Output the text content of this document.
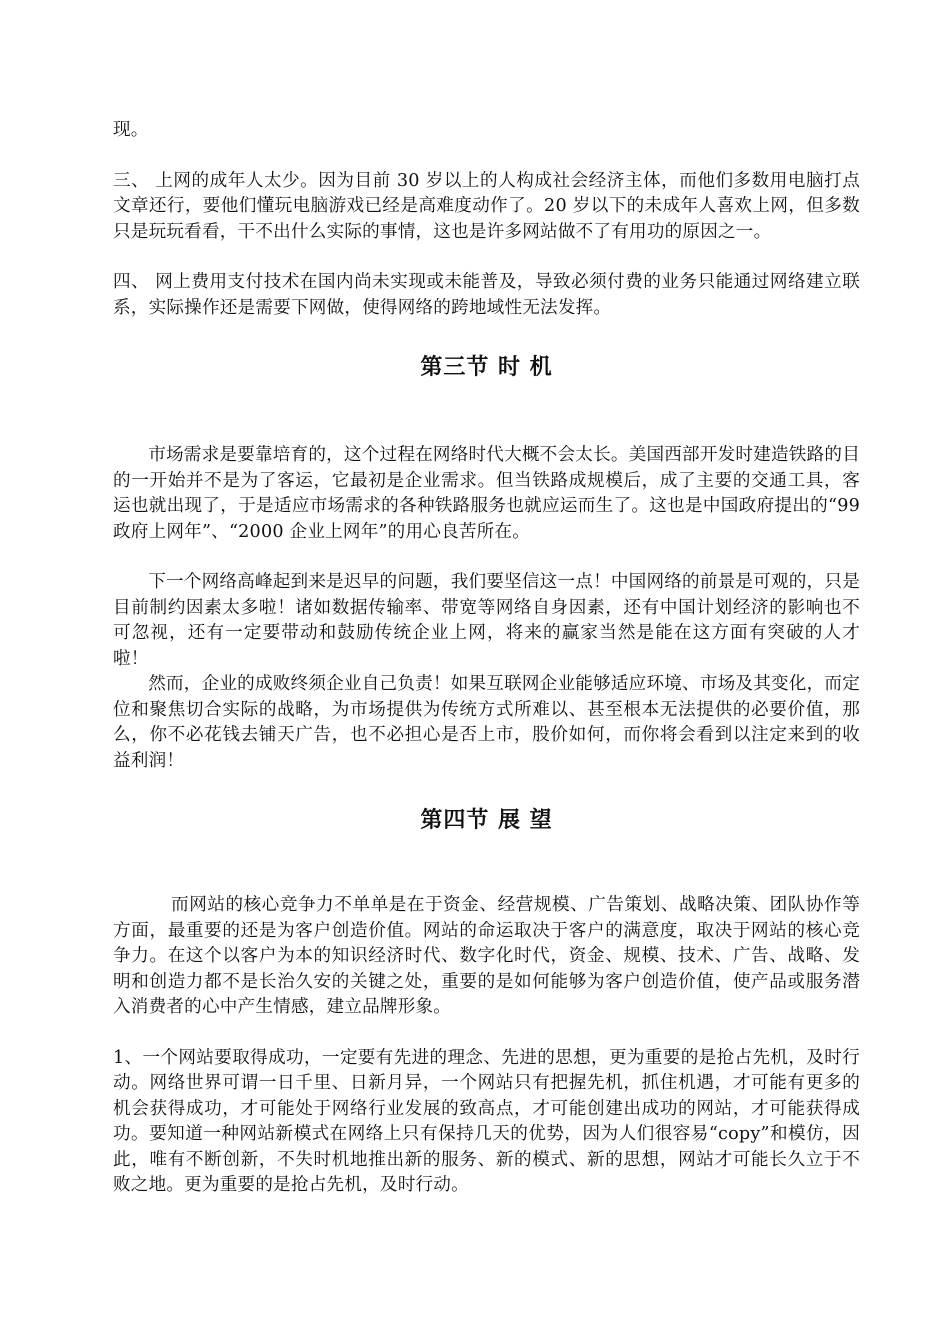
现。

三、 上网的成年人太少。因为目前 30 岁以上的人构成社会经济主体，而他们多数用电脑打点文章还行，要他们懂玩电脑游戏已经是高难度动作了。20 岁以下的未成年人喜欢上网，但多数只是玩玩看看，干不出什么实际的事情，这也是许多网站做不了有用功的原因之一。

四、 网上费用支付技术在国内尚未实现或未能普及，导致必须付费的业务只能通过网络建立联系，实际操作还是需要下网做，使得网络的跨地域性无法发挥。

第三节 时 机

市场需求是要靠培育的，这个过程在网络时代大概不会太长。美国西部开发时建造铁路的目的一开始并不是为了客运，它最初是企业需求。但当铁路成规模后，成了主要的交通工具，客运也就出现了，于是适应市场需求的各种铁路服务也就应运而生了。这也是中国政府提出的“99 政府上网年”、“2000 企业上网年”的用心良苦所在。

下一个网络高峰起到来是迟早的问题，我们要坚信这一点！中国网络的前景是可观的，只是目前制约因素太多啦！诸如数据传输率、带宽等网络自身因素，还有中国计划经济的影响也不可忽视，还有一定要带动和鼓励传统企业上网，将来的赢家当然是能在这方面有突破的人才啦！

然而，企业的成败终须企业自己负责！如果互联网企业能够适应环境、市场及其变化，而定位和聚焦切合实际的战略，为市场提供为传统方式所难以、甚至根本无法提供的必要价值，那么，你不必花钱去铺天广告，也不必担心是否上市，股价如何，而你将会看到以注定来到的收益利润！

第四节 展 望

而网站的核心竞争力不单单是在于资金、经营规模、广告策划、战略决策、团队协作等方面，最重要的还是为客户创造价值。网站的命运取决于客户的满意度，取决于网站的核心竞争力。在这个以客户为本的知识经济时代、数字化时代，资金、规模、技术、广告、战略、发明和创造力都不是长治久安的关键之处，重要的是如何能够为客户创造价值，使产品或服务潜入消费者的心中产生情感，建立品牌形象。

1、一个网站要取得成功，一定要有先进的理念、先进的思想，更为重要的是抢占先机，及时行动。网络世界可谓一日千里、日新月异，一个网站只有把握先机，抓住机遇，才可能有更多的机会获得成功，才可能处于网络行业发展的致高点，才可能创建出成功的网站，才可能获得成功。要知道一种网站新模式在网络上只有保持几天的优势，因为人们很容易“copy”和模仿，因此，唯有不断创新，不失时机地推出新的服务、新的模式、新的思想，网站才可能长久立于不败之地。更为重要的是抢占先机，及时行动。
